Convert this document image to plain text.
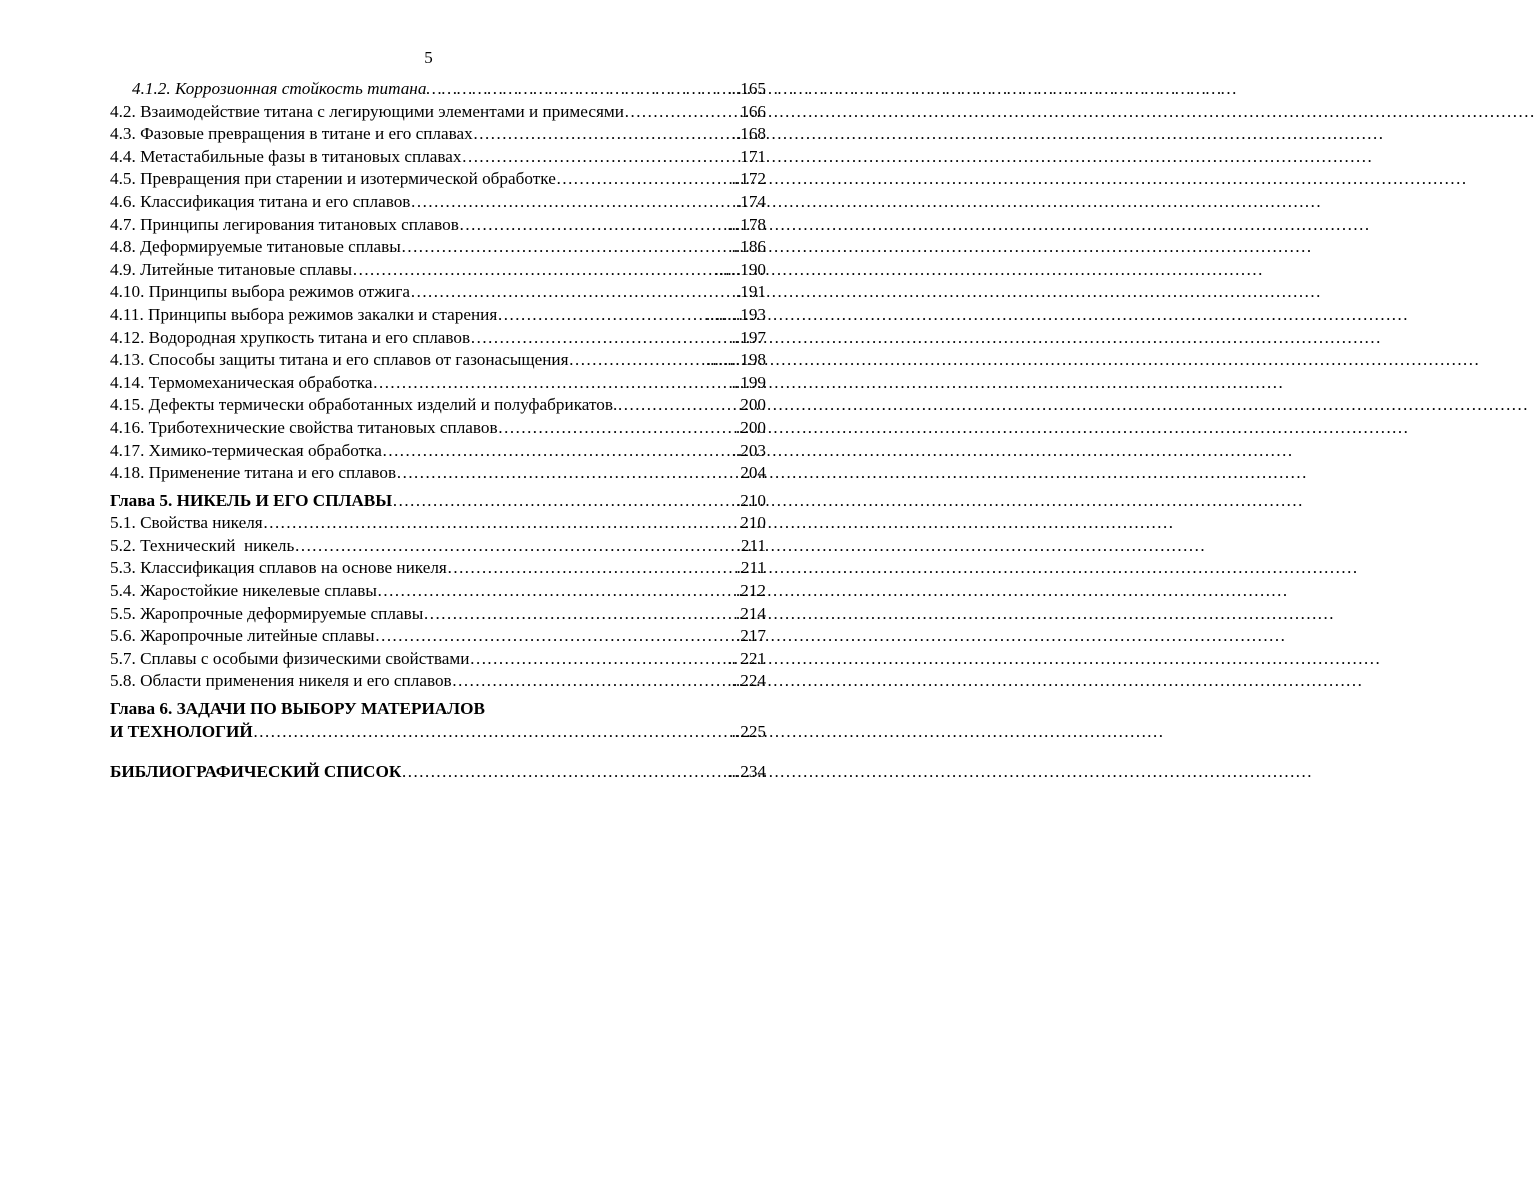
5
4.1.2. Коррозионная стойкость титана ……………………………………………………………………………………………………………………………………………	...165
4.2. Взаимодействие титана с легирующими элементами и примесями ……………………………………………………………………………………………………………………………………………	166
4.3. Фазовые превращения в титане и его сплавах ……………………………………………………………………………………………………………………………………………	..168
4.4. Метастабильные фазы в титановых сплавах ……………………………………………………………………………………………………………………………………………	171
4.5. Превращения при старении и изотермической обработке ……………………………………………………………………………………………………………………………………………	..172
4.6. Классификация титана и его сплавов ……………………………………………………………………………………………………………………………………………	.174
4.7. Принципы легирования титановых сплавов ……………………………………………………………………………………………………………………………………………	...178
4.8. Деформируемые титановые сплавы ……………………………………………………………………………………………………………………………………………	..186
4.9. Литейные титановые сплавы ……………………………………………………………………………………………………………………………………………	......190
4.10. Принципы выбора режимов отжига ……………………………………………………………………………………………………………………………………………	.191
4.11. Принципы выбора режимов закалки и старения ……………………………………………………………………………………………………………………………………………	........193
4.12. Водородная хрупкость титана и его сплавов ……………………………………………………………………………………………………………………………………………	..197
4.13. Способы защиты титана и его сплавов от газонасыщения ……………………………………………………………………………………………………………………………………………	........198
4.14. Термомеханическая обработка ……………………………………………………………………………………………………………………………………………	..199
4.15. Дефекты термически обработанных изделий и полуфабрикатов. ……………………………………………………………………………………………………………………………………………	200
4.16. Триботехнические свойства титановых сплавов ……………………………………………………………………………………………………………………………………………	.200
4.17. Химико-термическая обработка ……………………………………………………………………………………………………………………………………………	..203
4.18. Применение титана и его сплавов ……………………………………………………………………………………………………………………………………………	204
Глава 5. НИКЕЛЬ И ЕГО СПЛАВЫ ……………………………………………………………………………………………………………………………………………	.210
5.1. Свойства никеля ……………………………………………………………………………………………………………………………………………	210
5.2. Технический  никель ……………………………………………………………………………………………………………………………………………	.211
5.3. Классификация сплавов на основе никеля ……………………………………………………………………………………………………………………………………………	.211
5.4. Жаростойкие никелевые сплавы ……………………………………………………………………………………………………………………………………………	.212
5.5. Жаропрочные деформируемые сплавы ……………………………………………………………………………………………………………………………………………	.214
5.6. Жаропрочные литейные сплавы ……………………………………………………………………………………………………………………………………………	.217
5.7. Сплавы с особыми физическими свойствами ……………………………………………………………………………………………………………………………………………	.. 221
5.8. Области применения никеля и его сплавов ……………………………………………………………………………………………………………………………………………	..224
Глава 6. ЗАДАЧИ ПО ВЫБОРУ МАТЕРИАЛОВ
И ТЕХНОЛОГИЙ ……………………………………………………………………………………………………………………………………………	..225
БИБЛИОГРАФИЧЕСКИЙ СПИСОК ……………………………………………………………………………………………………………………………………………	...234
